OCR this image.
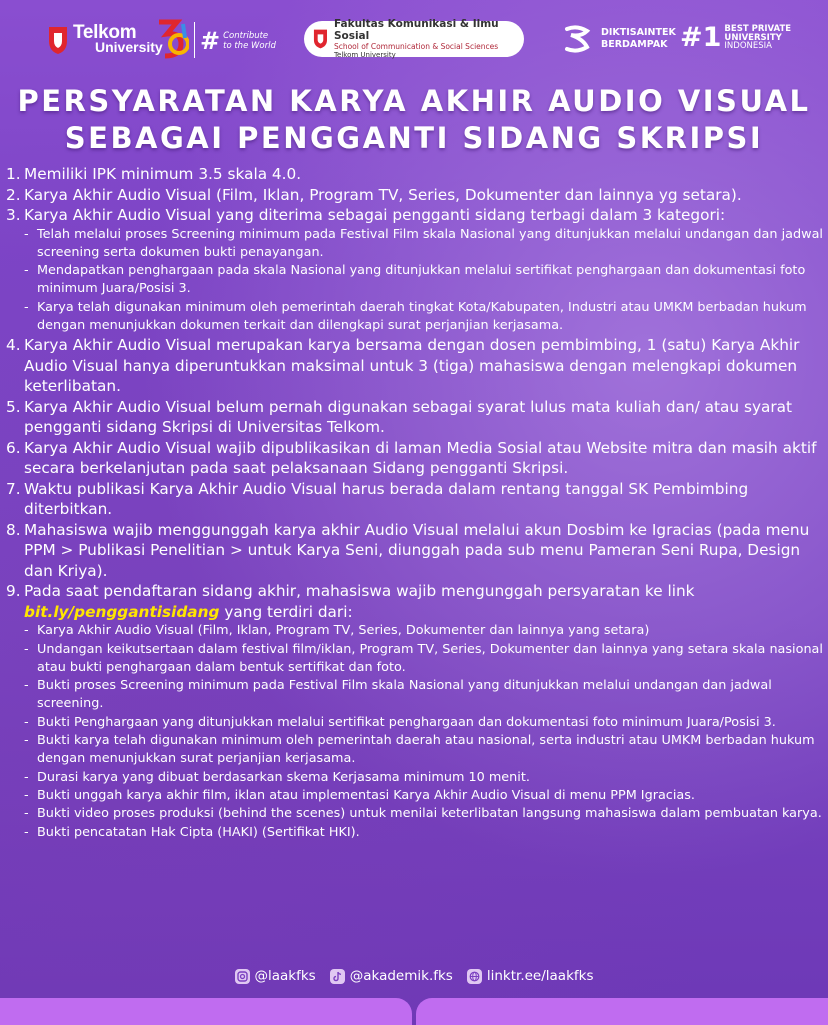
Telkom
University # Contribute
to the World
Fakultas Komunikasi & Ilmu Sosial
School of Communication & Social Sciences
Telkom University
DIKTISAINTEK
BERDAMPAK #1 BEST PRIVATE
UNIVERSITY
INDONESIA
PERSYARATAN KARYA AKHIR AUDIO VISUAL
SEBAGAI PENGGANTI SIDANG SKRIPSI
1. Memiliki IPK minimum 3.5 skala 4.0.
2. Karya Akhir Audio Visual (Film, Iklan, Program TV, Series, Dokumenter dan lainnya yg setara).
3. Karya Akhir Audio Visual yang diterima sebagai pengganti sidang terbagi dalam 3 kategori:
- Telah melalui proses Screening minimum pada Festival Film skala Nasional yang ditunjukkan melalui undangan dan jadwal screening serta dokumen bukti penayangan.
- Mendapatkan penghargaan pada skala Nasional yang ditunjukkan melalui sertifikat penghargaan dan dokumentasi foto minimum Juara/Posisi 3.
- Karya telah digunakan minimum oleh pemerintah daerah tingkat Kota/Kabupaten, Industri atau UMKM berbadan hukum dengan menunjukkan dokumen terkait dan dilengkapi surat perjanjian kerjasama.
4. Karya Akhir Audio Visual merupakan karya bersama dengan dosen pembimbing, 1 (satu) Karya Akhir Audio Visual hanya diperuntukkan maksimal untuk 3 (tiga) mahasiswa dengan melengkapi dokumen keterlibatan.
5. Karya Akhir Audio Visual belum pernah digunakan sebagai syarat lulus mata kuliah dan/ atau syarat pengganti sidang Skripsi di Universitas Telkom.
6. Karya Akhir Audio Visual wajib dipublikasikan di laman Media Sosial atau Website mitra dan masih aktif secara berkelanjutan pada saat pelaksanaan Sidang pengganti Skripsi.
7. Waktu publikasi Karya Akhir Audio Visual harus berada dalam rentang tanggal SK Pembimbing diterbitkan.
8. Mahasiswa wajib menggunggah karya akhir Audio Visual melalui akun Dosbim ke Igracias (pada menu PPM > Publikasi Penelitian > untuk Karya Seni, diunggah pada sub menu Pameran Seni Rupa, Design dan Kriya).
9. Pada saat pendaftaran sidang akhir, mahasiswa wajib mengunggah persyaratan ke link
bit.ly/penggantisidang yang terdiri dari:
- Karya Akhir Audio Visual (Film, Iklan, Program TV, Series, Dokumenter dan lainnya yang setara)
- Undangan keikutsertaan dalam festival film/iklan, Program TV, Series, Dokumenter dan lainnya yang setara skala nasional atau bukti penghargaan dalam bentuk sertifikat dan foto.
- Bukti proses Screening minimum pada Festival Film skala Nasional yang ditunjukkan melalui undangan dan jadwal screening.
- Bukti Penghargaan yang ditunjukkan melalui sertifikat penghargaan dan dokumentasi foto minimum Juara/Posisi 3.
- Bukti karya telah digunakan minimum oleh pemerintah daerah atau nasional, serta industri atau UMKM berbadan hukum dengan menunjukkan surat perjanjian kerjasama.
- Durasi karya yang dibuat berdasarkan skema Kerjasama minimum 10 menit.
- Bukti unggah karya akhir film, iklan atau implementasi Karya Akhir Audio Visual di menu PPM Igracias.
- Bukti video proses produksi (behind the scenes) untuk menilai keterlibatan langsung mahasiswa dalam pembuatan karya.
- Bukti pencatatan Hak Cipta (HAKI) (Sertifikat HKI).
@laakfks	@akademik.fks	linktr.ee/laakfks
